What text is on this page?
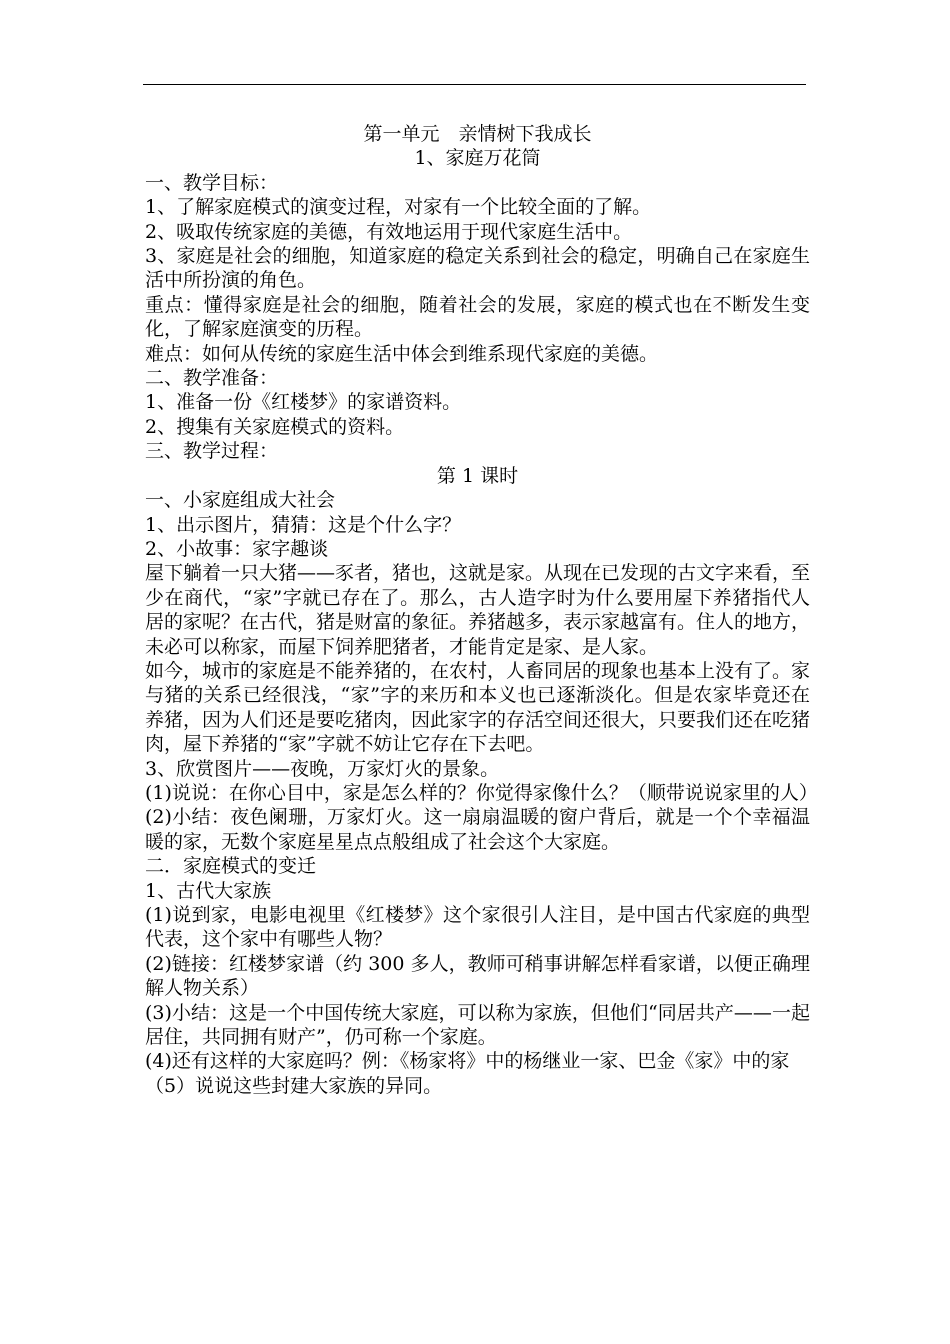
第一单元　亲情树下我成长

1、家庭万花筒

一、教学目标：

1、了解家庭模式的演变过程，对家有一个比较全面的了解。

2、吸取传统家庭的美德，有效地运用于现代家庭生活中。

3、家庭是社会的细胞，知道家庭的稳定关系到社会的稳定，明确自己在家庭生活中所扮演的角色。

重点：懂得家庭是社会的细胞，随着社会的发展，家庭的模式也在不断发生变化，了解家庭演变的历程。

难点：如何从传统的家庭生活中体会到维系现代家庭的美德。

二、教学准备：

1、准备一份《红楼梦》的家谱资料。

2、搜集有关家庭模式的资料。

三、教学过程：

第 1 课时

一、小家庭组成大社会

1、出示图片，猜猜：这是个什么字？

2、小故事：家字趣谈

屋下躺着一只大猪——豕者，猪也，这就是家。从现在已发现的古文字来看，至少在商代，“家”字就已存在了。那么，古人造字时为什么要用屋下养猪指代人居的家呢？在古代，猪是财富的象征。养猪越多，表示家越富有。住人的地方，未必可以称家，而屋下饲养肥猪者，才能肯定是家、是人家。

如今，城市的家庭是不能养猪的，在农村，人畜同居的现象也基本上没有了。家与猪的关系已经很浅，“家”字的来历和本义也已逐渐淡化。但是农家毕竟还在养猪，因为人们还是要吃猪肉，因此家字的存活空间还很大，只要我们还在吃猪肉，屋下养猪的“家”字就不妨让它存在下去吧。

3、欣赏图片——夜晚，万家灯火的景象。

(1)说说：在你心目中，家是怎么样的？你觉得家像什么？（顺带说说家里的人）

(2)小结：夜色阑珊，万家灯火。这一扇扇温暖的窗户背后，就是一个个幸福温暖的家，无数个家庭星星点点般组成了社会这个大家庭。

二．家庭模式的变迁

1、古代大家族

(1)说到家，电影电视里《红楼梦》这个家很引人注目，是中国古代家庭的典型代表，这个家中有哪些人物？

(2)链接：红楼梦家谱（约 300 多人，教师可稍事讲解怎样看家谱，以便正确理解人物关系）

(3)小结：这是一个中国传统大家庭，可以称为家族，但他们“同居共产——一起居住，共同拥有财产”，仍可称一个家庭。

(4)还有这样的大家庭吗？例：《杨家将》中的杨继业一家、巴金《家》中的家

（5）说说这些封建大家族的异同。
